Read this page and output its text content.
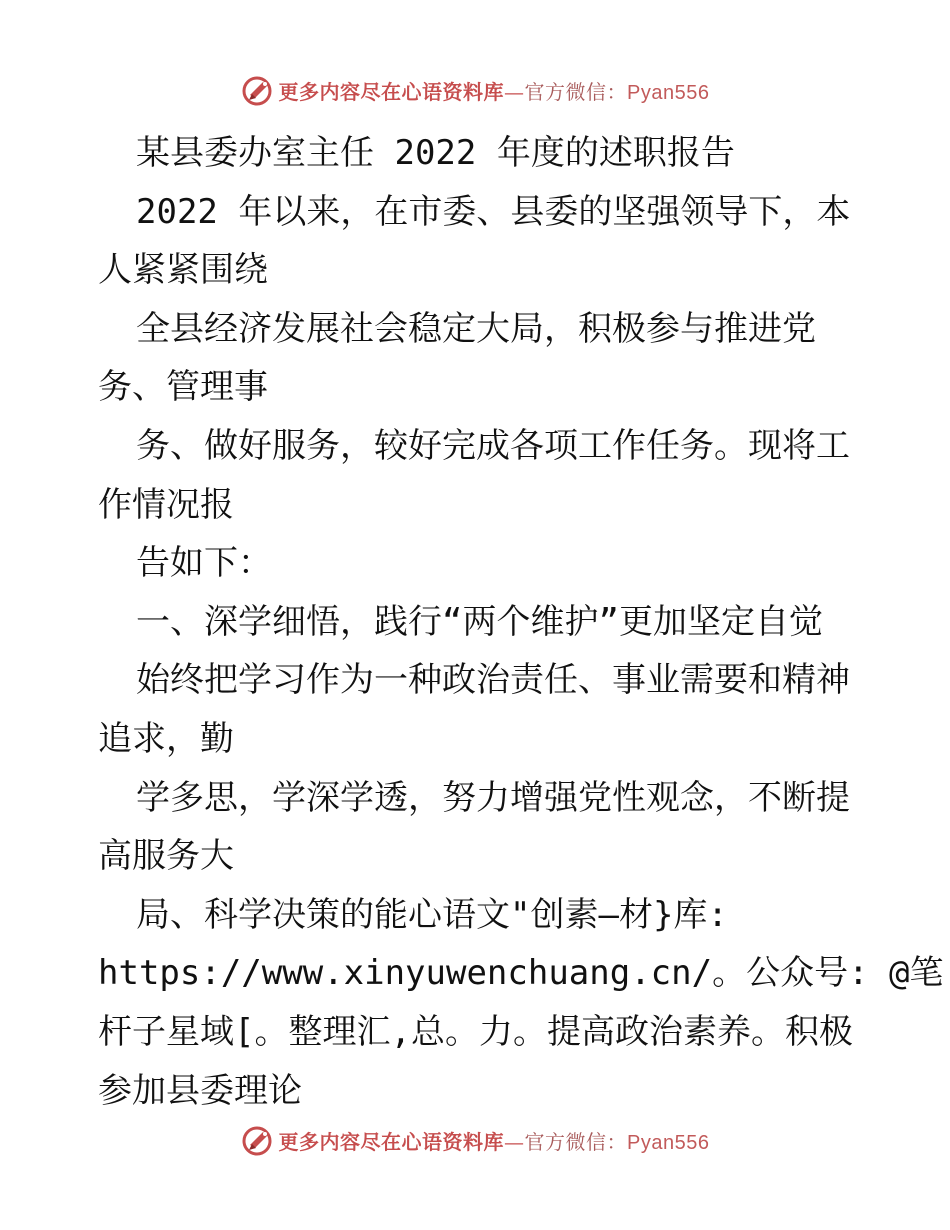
更多内容尽在心语资料库—官方微信：Pyan556
某县委办室主任 2022 年度的述职报告
2022 年以来，在市委、县委的坚强领导下，本
人紧紧围绕
全县经济发展社会稳定大局，积极参与推进党
务、管理事
务、做好服务，较好完成各项工作任务。现将工
作情况报
告如下：
一、深学细悟，践行“两个维护”更加坚定自觉
始终把学习作为一种政治责任、事业需要和精神
追求，勤
学多思，学深学透，努力增强党性观念，不断提
高服务大
局、科学决策的能心语文"创素—材}库:
https://www.xinyuwenchuang.cn/。公众号: @笔
杆子星域[。整理汇,总。力。提高政治素养。积极
参加县委理论
更多内容尽在心语资料库—官方微信：Pyan556
